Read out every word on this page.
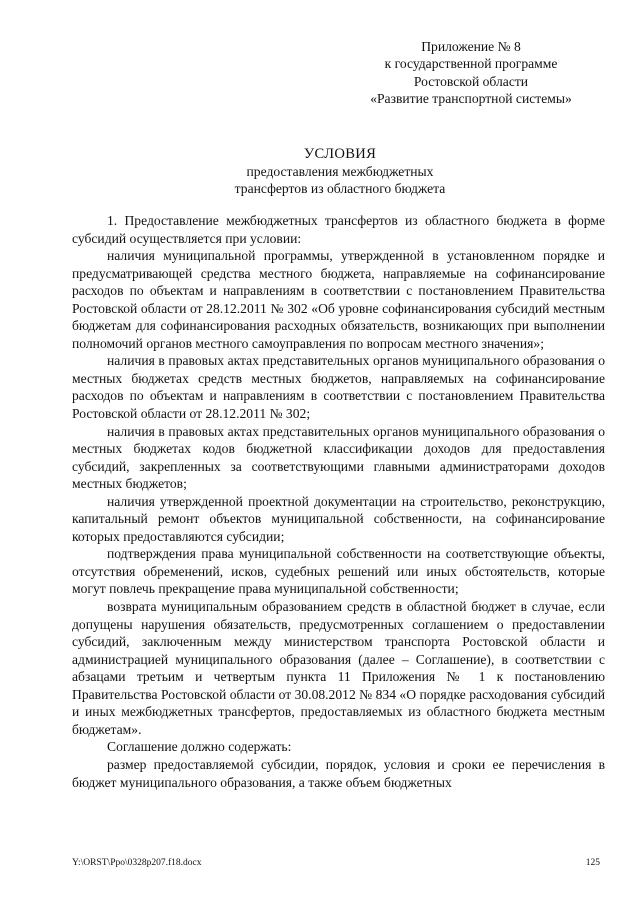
Приложение № 8
к государственной программе
Ростовской области
«Развитие транспортной системы»
УСЛОВИЯ
предоставления межбюджетных
трансфертов из областного бюджета

1. Предоставление межбюджетных трансфертов из областного бюджета в форме субсидий осуществляется при условии:

наличия муниципальной программы, утвержденной в установленном порядке и предусматривающей средства местного бюджета, направляемые на софинансирование расходов по объектам и направлениям в соответствии с постановлением Правительства Ростовской области от 28.12.2011 № 302 «Об уровне софинансирования субсидий местным бюджетам для софинансирования расходных обязательств, возникающих при выполнении полномочий органов местного самоуправления по вопросам местного значения»;

наличия в правовых актах представительных органов муниципального образования о местных бюджетах средств местных бюджетов, направляемых на софинансирование расходов по объектам и направлениям в соответствии с постановлением Правительства Ростовской области от 28.12.2011 № 302;

наличия в правовых актах представительных органов муниципального образования о местных бюджетах кодов бюджетной классификации доходов для предоставления субсидий, закрепленных за соответствующими главными администраторами доходов местных бюджетов;

наличия утвержденной проектной документации на строительство, реконструкцию, капитальный ремонт объектов муниципальной собственности, на софинансирование которых предоставляются субсидии;

подтверждения права муниципальной собственности на соответствующие объекты, отсутствия обременений, исков, судебных решений или иных обстоятельств, которые могут повлечь прекращение права муниципальной собственности;

возврата муниципальным образованием средств в областной бюджет в случае, если допущены нарушения обязательств, предусмотренных соглашением о предоставлении субсидий, заключенным между министерством транспорта Ростовской области и администрацией муниципального образования (далее – Соглашение), в соответствии с абзацами третьим и четвертым пункта 11 Приложения № 1 к постановлению Правительства Ростовской области от 30.08.2012 № 834 «О порядке расходования субсидий и иных межбюджетных трансфертов, предоставляемых из областного бюджета местным бюджетам».

Соглашение должно содержать:

размер предоставляемой субсидии, порядок, условия и сроки ее перечисления в бюджет муниципального образования, а также объем бюджетных

Y:\ORST\Ppo\0328p207.f18.docx	125
